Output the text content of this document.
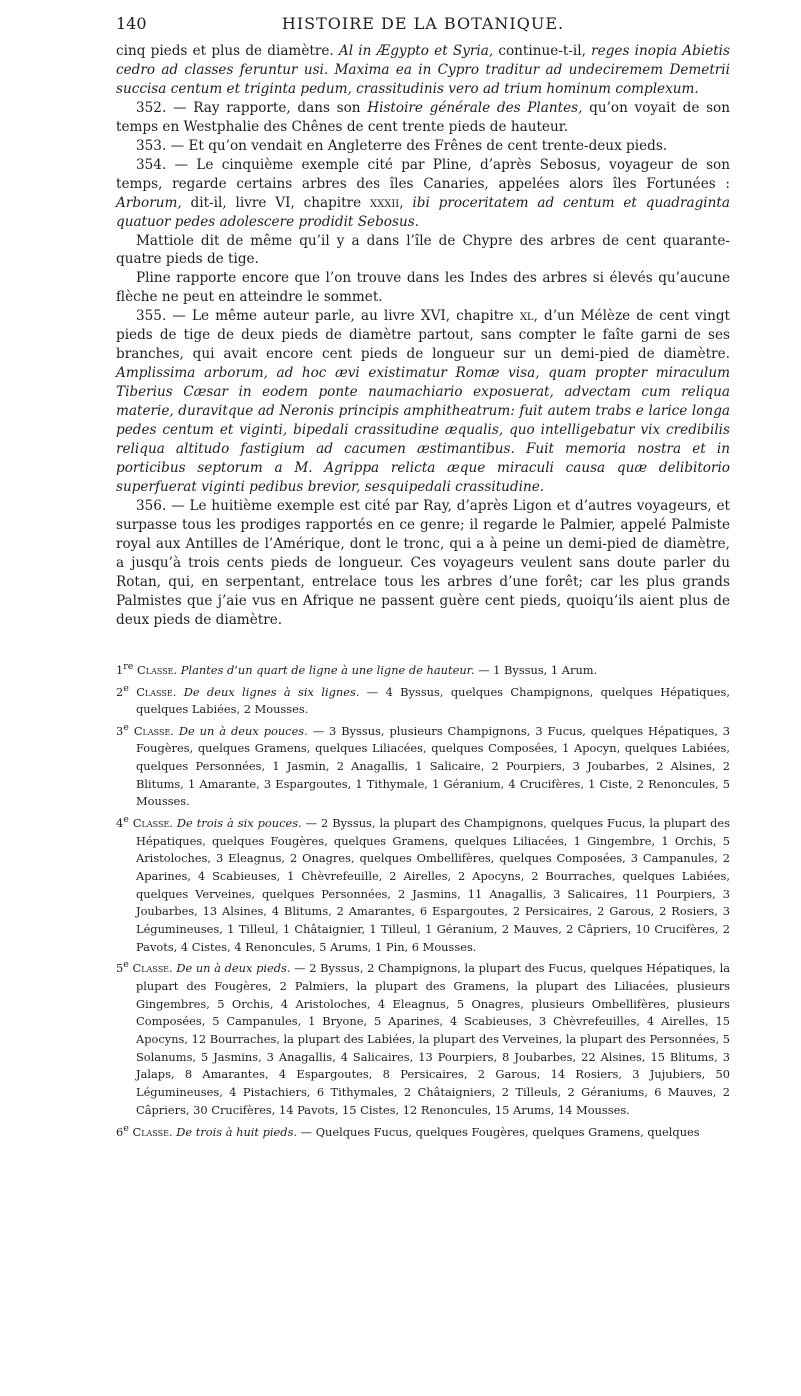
140	HISTOIRE DE LA BOTANIQUE.

cinq pieds et plus de diamètre. Al in Ægypto et Syria, continue-t-il, reges inopia Abietis cedro ad classes feruntur usi. Maxima ea in Cypro traditur ad undeciremem Demetrii succisa centum et triginta pedum, crassitudinis vero ad trium hominum complexum.

352. — Ray rapporte, dans son Histoire générale des Plantes, qu’on voyait de son temps en Westphalie des Chênes de cent trente pieds de hauteur.

353. — Et qu’on vendait en Angleterre des Frênes de cent trente-deux pieds.

354. — Le cinquième exemple cité par Pline, d’après Sebosus, voyageur de son temps, regarde certains arbres des îles Canaries, appelées alors îles Fortunées : Arborum, dit-il, livre VI, chapitre xxxii, ibi proceritatem ad centum et quadraginta quatuor pedes adolescere prodidit Sebosus.

Mattiole dit de même qu’il y a dans l’île de Chypre des arbres de cent quarante-quatre pieds de tige.

Pline rapporte encore que l’on trouve dans les Indes des arbres si élevés qu’aucune flèche ne peut en atteindre le sommet.

355. — Le même auteur parle, au livre XVI, chapitre xl, d’un Mélèze de cent vingt pieds de tige de deux pieds de diamètre partout, sans compter le faîte garni de ses branches, qui avait encore cent pieds de longueur sur un demi-pied de diamètre. Amplissima arborum, ad hoc ævi existimatur Romæ visa, quam propter miraculum Tiberius Cæsar in eodem ponte naumachiario exposuerat, advectam cum reliqua materie, duravitque ad Neronis principis amphitheatrum: fuit autem trabs e larice longa pedes centum et viginti, bipedali crassitudine æqualis, quo intelligebatur vix credibilis reliqua altitudo fastigium ad cacumen æstimantibus. Fuit memoria nostra et in porticibus septorum a M. Agrippa relicta æque miraculi causa quæ delibitorio superfuerat viginti pedibus brevior, sesquipedali crassitudine.

356. — Le huitième exemple est cité par Ray, d’après Ligon et d’autres voyageurs, et surpasse tous les prodiges rapportés en ce genre; il regarde le Palmier, appelé Palmiste royal aux Antilles de l’Amérique, dont le tronc, qui a à peine un demi-pied de diamètre, a jusqu’à trois cents pieds de longueur. Ces voyageurs veulent sans doute parler du Rotan, qui, en serpentant, entrelace tous les arbres d’une forêt; car les plus grands Palmistes que j’aie vus en Afrique ne passent guère cent pieds, quoiqu’ils aient plus de deux pieds de diamètre.

1re Classe. Plantes d’un quart de ligne à une ligne de hauteur. — 1 Byssus, 1 Arum.

2e Classe. De deux lignes à six lignes. — 4 Byssus, quelques Champignons, quelques Hépatiques, quelques Labiées, 2 Mousses.

3e Classe. De un à deux pouces. — 3 Byssus, plusieurs Champignons, 3 Fucus, quelques Hépatiques, 3 Fougères, quelques Gramens, quelques Liliacées, quelques Composées, 1 Apocyn, quelques Labiées, quelques Personnées, 1 Jasmin, 2 Anagallis, 1 Salicaire, 2 Pourpiers, 3 Joubarbes, 2 Alsines, 2 Blitums, 1 Amarante, 3 Espargoutes, 1 Tithymale, 1 Géranium, 4 Crucifères, 1 Ciste, 2 Renoncules, 5 Mousses.

4e Classe. De trois à six pouces. — 2 Byssus, la plupart des Champignons, quelques Fucus, la plupart des Hépatiques, quelques Fougères, quelques Gramens, quelques Liliacées, 1 Gingembre, 1 Orchis, 5 Aristoloches, 3 Eleagnus, 2 Onagres, quelques Ombellifères, quelques Composées, 3 Campanules, 2 Aparines, 4 Scabieuses, 1 Chèvrefeuille, 2 Airelles, 2 Apocyns, 2 Bourraches, quelques Labiées, quelques Verveines, quelques Personnées, 2 Jasmins, 11 Anagallis, 3 Salicaires, 11 Pourpiers, 3 Joubarbes, 13 Alsines, 4 Blitums, 2 Amarantes, 6 Espargoutes, 2 Persicaires, 2 Garous, 2 Rosiers, 3 Légumineuses, 1 Tilleul, 1 Châtaignier, 1 Tilleul, 1 Géranium, 2 Mauves, 2 Câpriers, 10 Crucifères, 2 Pavots, 4 Cistes, 4 Renoncules, 5 Arums, 1 Pin, 6 Mousses.

5e Classe. De un à deux pieds. — 2 Byssus, 2 Champignons, la plupart des Fucus, quelques Hépatiques, la plupart des Fougères, 2 Palmiers, la plupart des Gramens, la plupart des Liliacées, plusieurs Gingembres, 5 Orchis, 4 Aristoloches, 4 Eleagnus, 5 Onagres, plusieurs Ombellifères, plusieurs Composées, 5 Campanules, 1 Bryone, 5 Aparines, 4 Scabieuses, 3 Chèvrefeuilles, 4 Airelles, 15 Apocyns, 12 Bourraches, la plupart des Labiées, la plupart des Verveines, la plupart des Personnées, 5 Solanums, 5 Jasmins, 3 Anagallis, 4 Salicaires, 13 Pourpiers, 8 Joubarbes, 22 Alsines, 15 Blitums, 3 Jalaps, 8 Amarantes, 4 Espargoutes, 8 Persicaires, 2 Garous, 14 Rosiers, 3 Jujubiers, 50 Légumineuses, 4 Pistachiers, 6 Tithymales, 2 Châtaigniers, 2 Tilleuls, 2 Géraniums, 6 Mauves, 2 Câpriers, 30 Crucifères, 14 Pavots, 15 Cistes, 12 Renoncules, 15 Arums, 14 Mousses.

6e Classe. De trois à huit pieds. — Quelques Fucus, quelques Fougères, quelques Gramens, quelques
